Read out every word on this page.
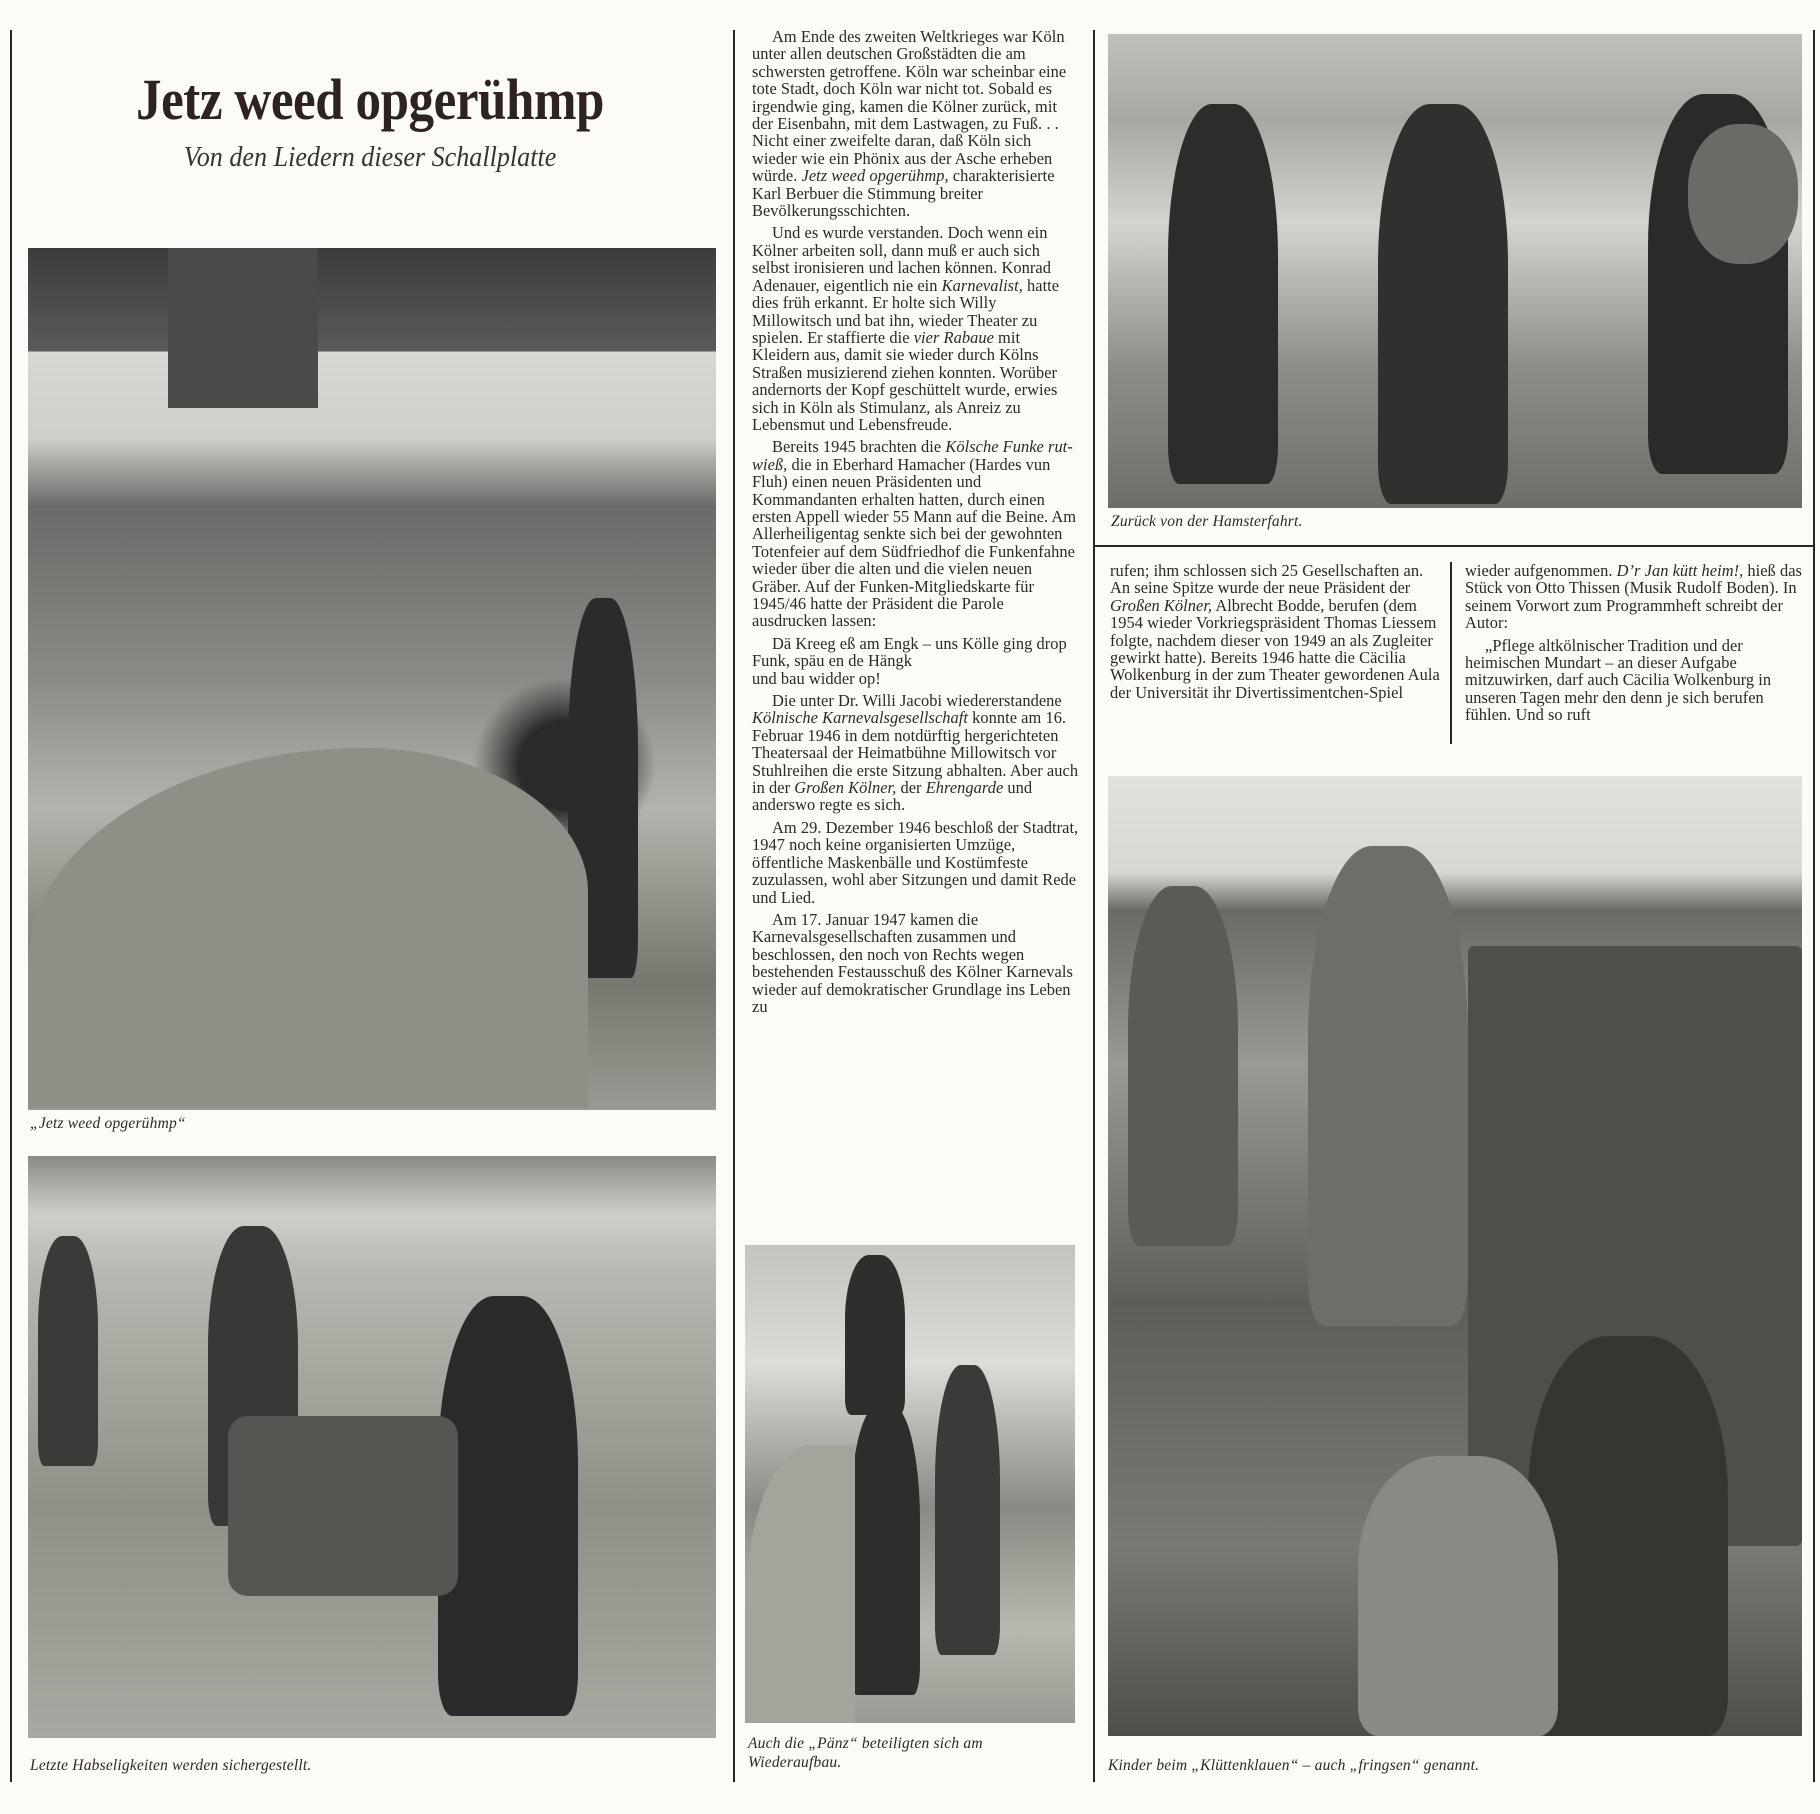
Jetz weed opgerühmp
Von den Liedern dieser Schallplatte
„Jetz weed opgerühmp“
Letzte Habseligkeiten werden sichergestellt.

Am Ende des zweiten Weltkrieges war Köln unter allen deutschen Großstädten die am schwersten getroffene. Köln war scheinbar eine tote Stadt, doch Köln war nicht tot. Sobald es irgendwie ging, kamen die Kölner zurück, mit der Eisenbahn, mit dem Lastwagen, zu Fuß. . . Nicht einer zweifelte daran, daß Köln sich wieder wie ein Phönix aus der Asche erheben würde. Jetz weed opgerühmp, charakterisierte Karl Berbuer die Stimmung breiter Bevölkerungsschichten.

Und es wurde verstanden. Doch wenn ein Kölner arbeiten soll, dann muß er auch sich selbst ironisieren und lachen können. Konrad Adenauer, eigentlich nie ein Karnevalist, hatte dies früh erkannt. Er holte sich Willy Millowitsch und bat ihn, wieder Theater zu spielen. Er staffierte die vier Rabaue mit Kleidern aus, damit sie wieder durch Kölns Straßen musizierend ziehen konnten. Worüber andernorts der Kopf geschüttelt wurde, erwies sich in Köln als Stimulanz, als Anreiz zu Lebensmut und Lebensfreude.

Bereits 1945 brachten die Kölsche Funke rut-wieß, die in Eberhard Hamacher (Hardes vun Fluh) einen neuen Präsidenten und Kommandanten erhalten hatten, durch einen ersten Appell wieder 55 Mann auf die Beine. Am Allerheiligentag senkte sich bei der gewohnten Totenfeier auf dem Südfriedhof die Funkenfahne wieder über die alten und die vielen neuen Gräber. Auf der Funken-Mitgliedskarte für 1945/46 hatte der Präsident die Parole ausdrucken lassen:

Dä Kreeg eß am Engk – uns Kölle ging drop
Funk, späu en de Hängk
und bau widder op!

Die unter Dr. Willi Jacobi wiedererstandene Kölnische Karnevalsgesellschaft konnte am 16. Februar 1946 in dem notdürftig hergerichteten Theatersaal der Heimatbühne Millowitsch vor Stuhlreihen die erste Sitzung abhalten. Aber auch in der Großen Kölner, der Ehrengarde und anderswo regte es sich.

Am 29. Dezember 1946 beschloß der Stadtrat, 1947 noch keine organisierten Umzüge, öffentliche Maskenbälle und Kostümfeste zuzulassen, wohl aber Sitzungen und damit Rede und Lied.

Am 17. Januar 1947 kamen die Karnevalsgesellschaften zusammen und beschlossen, den noch von Rechts wegen bestehenden Festausschuß des Kölner Karnevals wieder auf demokratischer Grundlage ins Leben zu

Auch die „Pänz“ beteiligten sich am
Wiederaufbau.
Zurück von der Hamsterfahrt.

rufen; ihm schlossen sich 25 Gesellschaften an. An seine Spitze wurde der neue Präsident der Großen Kölner, Albrecht Bodde, berufen (dem 1954 wieder Vorkriegspräsident Thomas Liessem folgte, nachdem dieser von 1949 an als Zugleiter gewirkt hatte). Bereits 1946 hatte die Cäcilia Wolkenburg in der zum Theater gewordenen Aula der Universität ihr Divertissimentchen-Spiel

wieder aufgenommen. D’r Jan kütt heim!, hieß das Stück von Otto Thissen (Musik Rudolf Boden). In seinem Vorwort zum Programmheft schreibt der Autor:

„Pflege altkölnischer Tradition und der heimischen Mundart – an dieser Aufgabe mitzuwirken, darf auch Cäcilia Wolkenburg in unseren Tagen mehr den denn je sich berufen fühlen. Und so ruft

Kinder beim „Klüttenklauen“ – auch „fringsen“ genannt.
